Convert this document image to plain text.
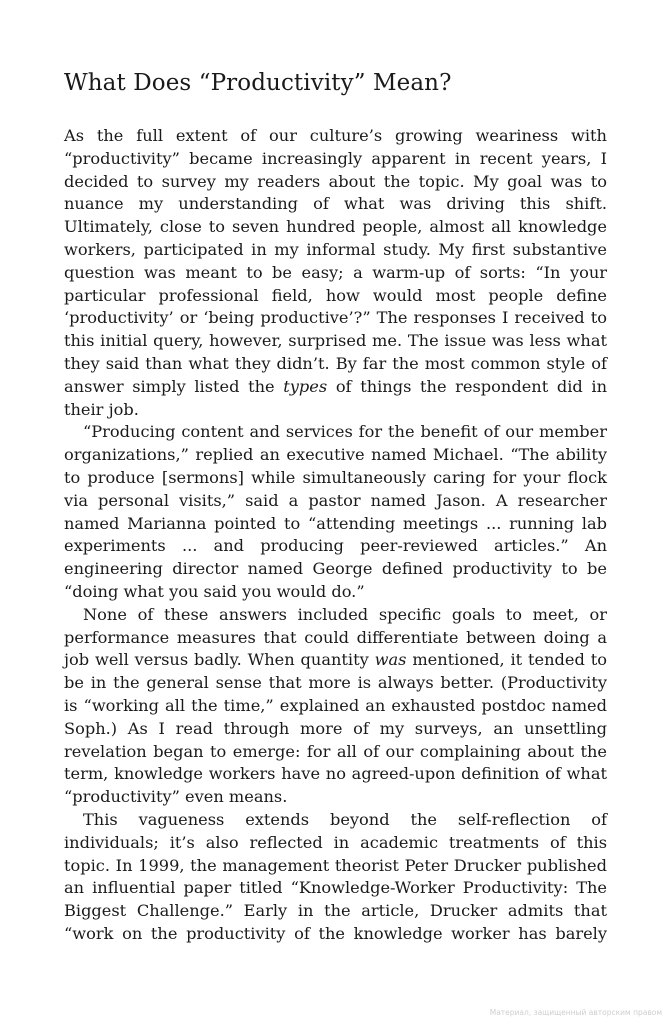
What Does “Productivity” Mean?

As the full extent of our culture’s growing weariness with “productivity” became increasingly apparent in recent years, I decided to survey my readers about the topic. My goal was to nuance my understanding of what was driving this shift. Ultimately, close to seven hundred people, almost all knowledge workers, participated in my informal study. My first substantive question was meant to be easy; a warm-up of sorts: “In your particular professional field, how would most people define ‘productivity’ or ‘being productive’?” The responses I received to this initial query, however, surprised me. The issue was less what they said than what they didn’t. By far the most common style of answer simply listed the types of things the respondent did in their job.

“Producing content and services for the benefit of our member organizations,” replied an executive named Michael. “The ability to produce [sermons] while simultaneously caring for your flock via personal visits,” said a pastor named Jason. A researcher named Marianna pointed to “attending meetings ... running lab experiments ... and producing peer-reviewed articles.” An engineering director named George defined productivity to be “doing what you said you would do.”

None of these answers included specific goals to meet, or performance measures that could differentiate between doing a job well versus badly. When quantity was mentioned, it tended to be in the general sense that more is always better. (Productivity is “working all the time,” explained an exhausted postdoc named Soph.) As I read through more of my surveys, an unsettling revelation began to emerge: for all of our complaining about the term, knowledge workers have no agreed-upon definition of what “productivity” even means.

This vagueness extends beyond the self-reflection of individuals; it’s also reflected in academic treatments of this topic. In 1999, the management theorist Peter Drucker published an influential paper titled “Knowledge-Worker Productivity: The Biggest Challenge.” Early in the article, Drucker admits that “work on the productivity of the knowledge worker has barely

Материал, защищенный авторским правом
